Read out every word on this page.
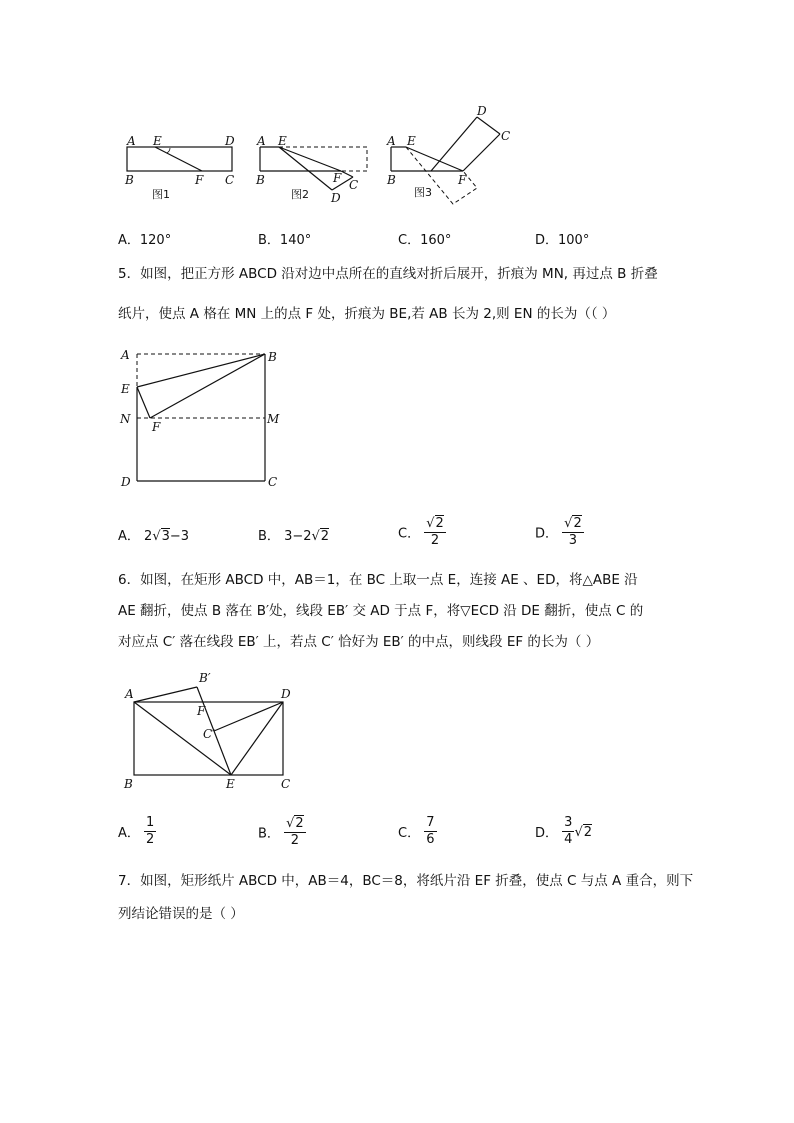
A E	D
B	F C
图1
A E
B	F C
D
图2
A E
D
C
B	F
图3
A．120°	B．140°	C．160°	D．100°
5．如图，把正方形 ABCD 沿对边中点所在的直线对折后展开，折痕为 MN, 再过点 B 折叠
纸片，使点 A 格在 MN 上的点 F 处，折痕为 BE,若 AB 长为 2,则 EN 的长为（（ ）
A	B
E
N	M
F
D	C
A． 2√3−3	B． 3−2√2	C． $\frac{√2}{2}$	D． $\frac{√2}{3}$
6．如图，在矩形 ABCD 中，AB＝1，在 BC 上取一点 E，连接 AE 、ED，将△ABE 沿
AE 翻折，使点 B 落在 B′处，线段 EB′ 交 AD 于点 F，将▽ECD 沿 DE 翻折，使点 C 的
对应点 C′ 落在线段 EB′ 上，若点 C′ 恰好为 EB′ 的中点，则线段 EF 的长为（ ）
A
B′
D
F
C′
B	E	C
A． $\frac{1}{2}$	B． $\frac{√2}{2}$	C． $\frac{7}{6}$	D． $\frac{3}{4} √2$
7．如图，矩形纸片 ABCD 中，AB＝4，BC＝8，将纸片沿 EF 折叠，使点 C 与点 A 重合，则下
列结论错误的是（ ）
